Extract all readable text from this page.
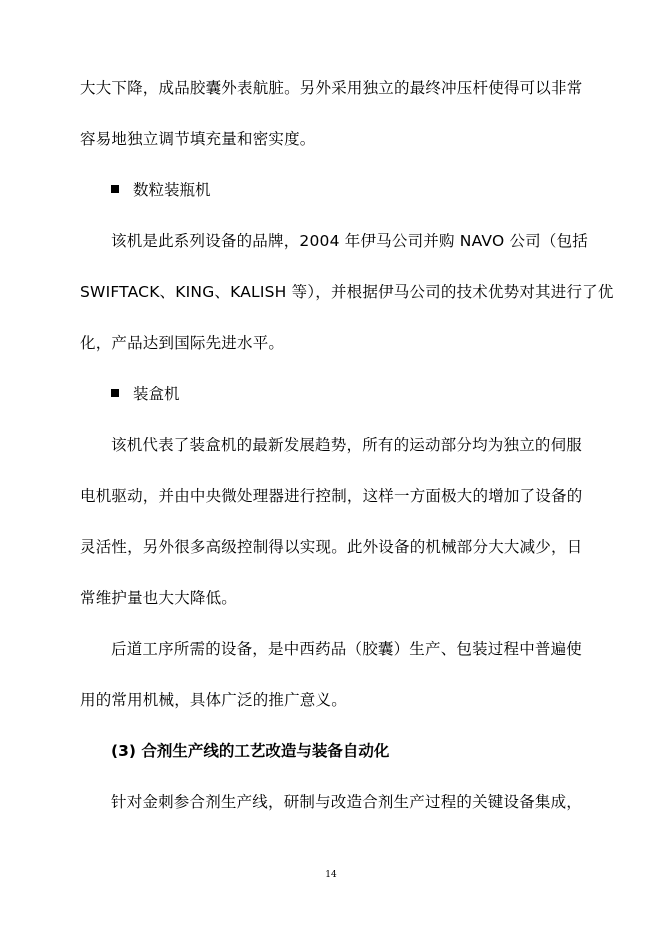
大大下降，成品胶囊外表航脏。另外采用独立的最终冲压杆使得可以非常
容易地独立调节填充量和密实度。
数粒装瓶机
该机是此系列设备的品牌，2004 年伊马公司并购 NAVO 公司（包括
SWIFTACK、KING、KALISH 等），并根据伊马公司的技术优势对其进行了优
化，产品达到国际先进水平。
装盒机
该机代表了装盒机的最新发展趋势，所有的运动部分均为独立的伺服
电机驱动，并由中央微处理器进行控制，这样一方面极大的增加了设备的
灵活性，另外很多高级控制得以实现。此外设备的机械部分大大减少，日
常维护量也大大降低。
后道工序所需的设备，是中西药品（胶囊）生产、包装过程中普遍使
用的常用机械，具体广泛的推广意义。
(3) 合剂生产线的工艺改造与装备自动化
针对金刺参合剂生产线，研制与改造合剂生产过程的关键设备集成，
14
